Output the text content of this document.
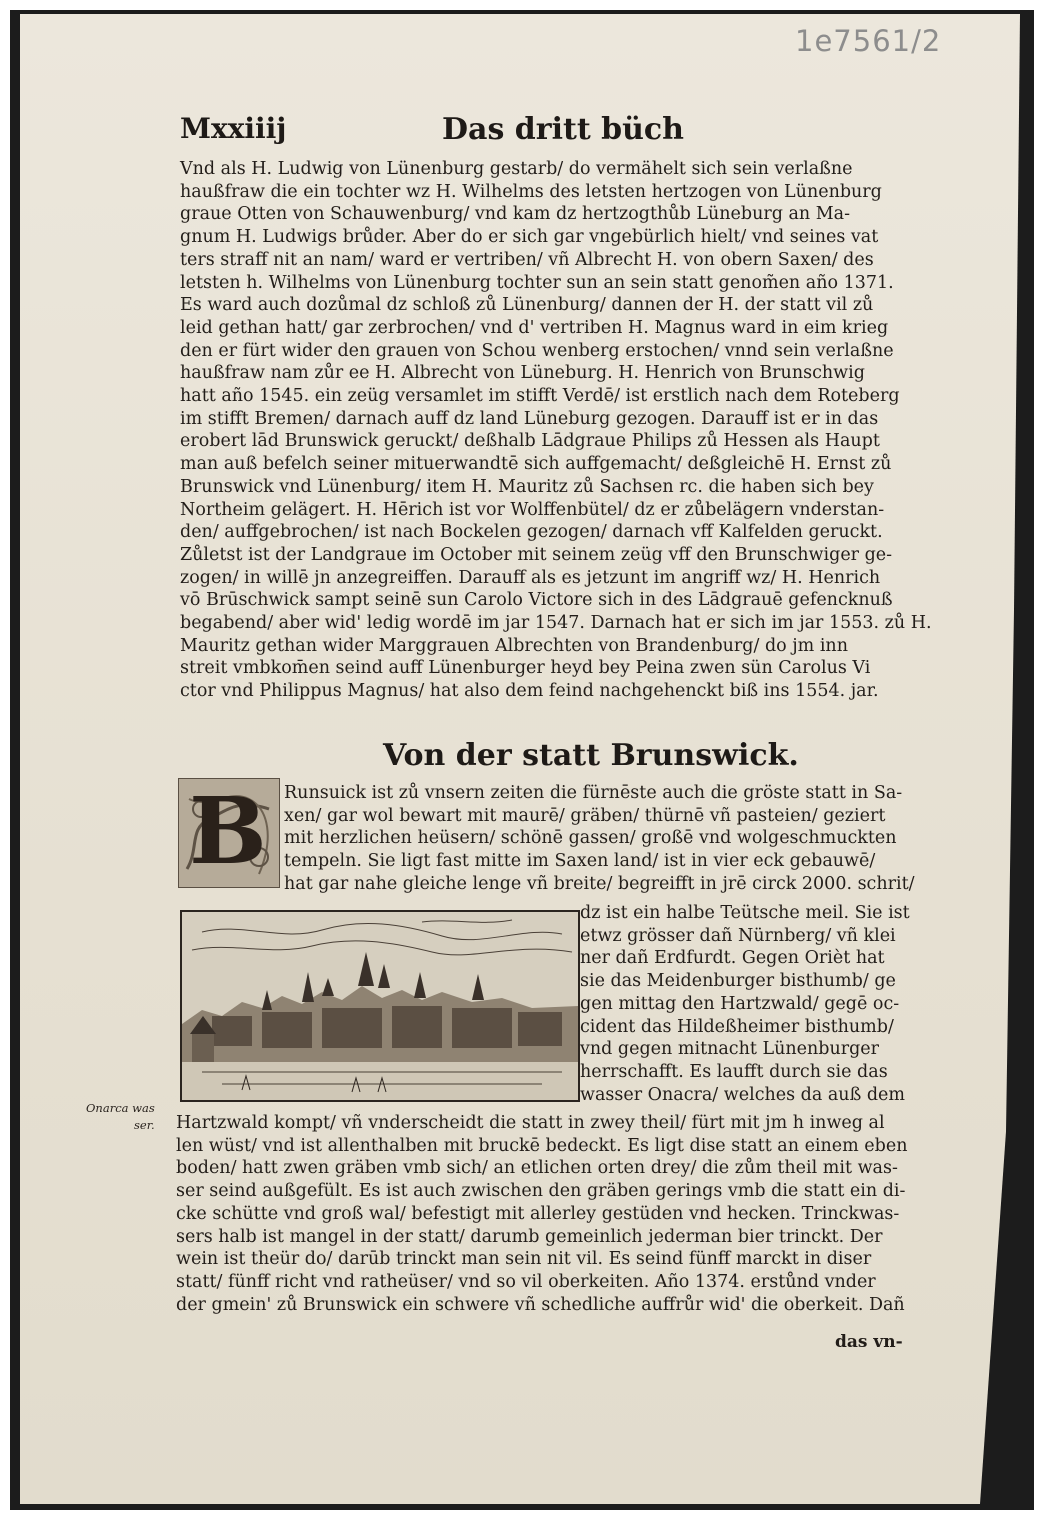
1e7561/2
Mxxiiij	Das dritt büch
Vnd als H. Ludwig von Lünenburg gestarb/ do vermähelt sich sein verlaßne
haußfraw die ein tochter wz H. Wilhelms des letsten hertzogen von Lünenburg
graue Otten von Schauwenburg/ vnd kam dz hertzogthůb Lüneburg an Ma-
gnum H. Ludwigs brůder. Aber do er sich gar vngebürlich hielt/ vnd seines vat
ters straff nit an nam/ ward er vertriben/ vñ Albrecht H. von obern Saxen/ des
letsten h. Wilhelms von Lünenburg tochter sun an sein statt genom̃en año 1371.
Es ward auch dozůmal dz schloß zů Lünenburg/ dannen der H. der statt vil zů
leid gethan hatt/ gar zerbrochen/ vnd d' vertriben H. Magnus ward in eim krieg
den er fürt wider den grauen von Schou wenberg erstochen/ vnnd sein verlaßne
haußfraw nam zůr ee H. Albrecht von Lüneburg. H. Henrich von Brunschwig
hatt año 1545. ein zeüg versamlet im stifft Verdē/ ist erstlich nach dem Roteberg
im stifft Bremen/ darnach auff dz land Lüneburg gezogen. Darauff ist er in das
erobert lād Brunswick geruckt/ deßhalb Lādgraue Philips zů Hessen als Haupt
man auß befelch seiner mituerwandtē sich auffgemacht/ deßgleichē H. Ernst zů
Brunswick vnd Lünenburg/ item H. Mauritz zů Sachsen rc. die haben sich bey
Northeim gelägert. H. Hērich ist vor Wolffenbütel/ dz er zůbelägern vnderstan-
den/ auffgebrochen/ ist nach Bockelen gezogen/ darnach vff Kalfelden geruckt.
Zůletst ist der Landgraue im October mit seinem zeüg vff den Brunschwiger ge-
zogen/ in willē jn anzegreiffen. Darauff als es jetzunt im angriff wz/ H. Henrich
vō Brūschwick sampt seinē sun Carolo Victore sich in des Lādgrauē gefencknuß
begabend/ aber wid' ledig wordē im jar 1547. Darnach hat er sich im jar 1553. zů H.
Mauritz gethan wider Marggrauen Albrechten von Brandenburg/ do jm inn
streit vmbkom̄en seind auff Lünenburger heyd bey Peina zwen sün Carolus Vi
ctor vnd Philippus Magnus/ hat also dem feind nachgehenckt biß ins 1554. jar.
Von der statt Brunswick.
B Runsuick ist zů vnsern zeiten die fürnēste auch die gröste statt in Sa-
xen/ gar wol bewart mit maurē/ gräben/ thürnē vñ pasteien/ geziert
mit herzlichen heüsern/ schönē gassen/ großē vnd wolgeschmuckten
tempeln. Sie ligt fast mitte im Saxen land/ ist in vier eck gebauwē/
hat gar nahe gleiche lenge vñ breite/ begreifft in jrē circk 2000. schrit/
dz ist ein halbe Teütsche meil. Sie ist
etwz grösser dañ Nürnberg/ vñ klei
ner dañ Erdfurdt. Gegen Orièt hat
sie das Meidenburger bisthumb/ ge
gen mittag den Hartzwald/ gegē oc-
cident das Hildeßheimer bisthumb/
vnd gegen mitnacht Lünenburger
herrschafft. Es laufft durch sie das
wasser Onacra/ welches da auß dem
Onarca was
ser. Hartzwald kompt/ vñ vnderscheidt die statt in zwey theil/ fürt mit jm h inweg al
len wüst/ vnd ist allenthalben mit bruckē bedeckt. Es ligt dise statt an einem eben
boden/ hatt zwen gräben vmb sich/ an etlichen orten drey/ die zům theil mit was-
ser seind außgefült. Es ist auch zwischen den gräben gerings vmb die statt ein di-
cke schütte vnd groß wal/ befestigt mit allerley gestüden vnd hecken. Trinckwas-
sers halb ist mangel in der statt/ darumb gemeinlich jederman bier trinckt. Der
wein ist theür do/ darūb trinckt man sein nit vil. Es seind fünff marckt in diser
statt/ fünff richt vnd ratheüser/ vnd so vil oberkeiten. Año 1374. erstůnd vnder
der gmein' zů Brunswick ein schwere vñ schedliche auffrůr wid' die oberkeit. Dañ
das vn-
